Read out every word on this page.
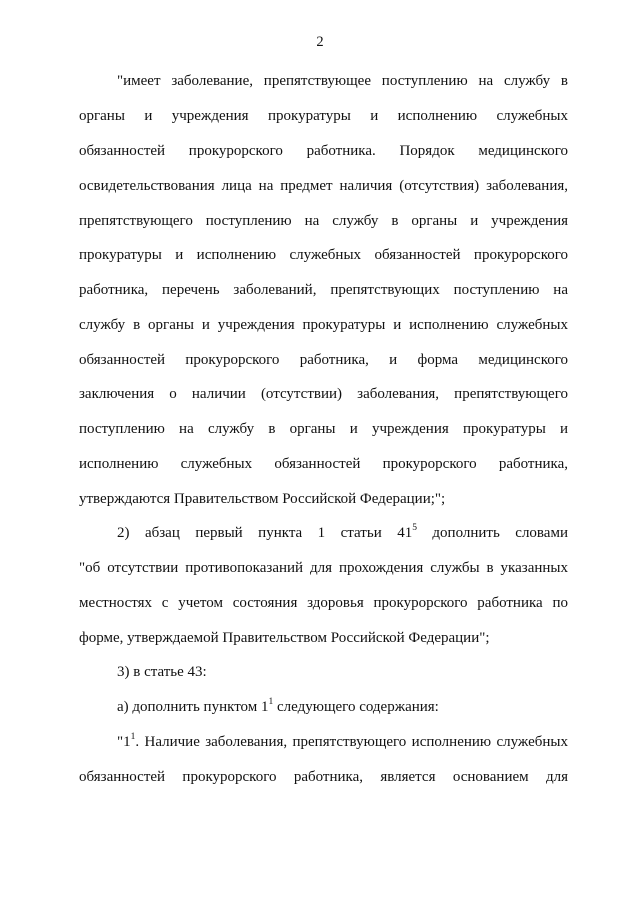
2
"имеет заболевание, препятствующее поступлению на службу в
органы и учреждения прокуратуры и исполнению служебных
обязанностей прокурорского работника. Порядок медицинского
освидетельствования лица на предмет наличия (отсутствия) заболевания,
препятствующего поступлению на службу в органы и учреждения
прокуратуры и исполнению служебных обязанностей прокурорского
работника, перечень заболеваний, препятствующих поступлению на
службу в органы и учреждения прокуратуры и исполнению служебных
обязанностей прокурорского работника, и форма медицинского
заключения о наличии (отсутствии) заболевания, препятствующего
поступлению на службу в органы и учреждения прокуратуры и
исполнению служебных обязанностей прокурорского работника,
утверждаются Правительством Российской Федерации;";
2) абзац первый пункта 1 статьи $41^5$ дополнить словами
"об отсутствии противопоказаний для прохождения службы в указанных
местностях с учетом состояния здоровья прокурорского работника по
форме, утверждаемой Правительством Российской Федерации";
3) в статье 43:
а) дополнить пунктом $1^1$ следующего содержания:
"$1^1$. Наличие заболевания, препятствующего исполнению служебных
обязанностей прокурорского работника, является основанием для
